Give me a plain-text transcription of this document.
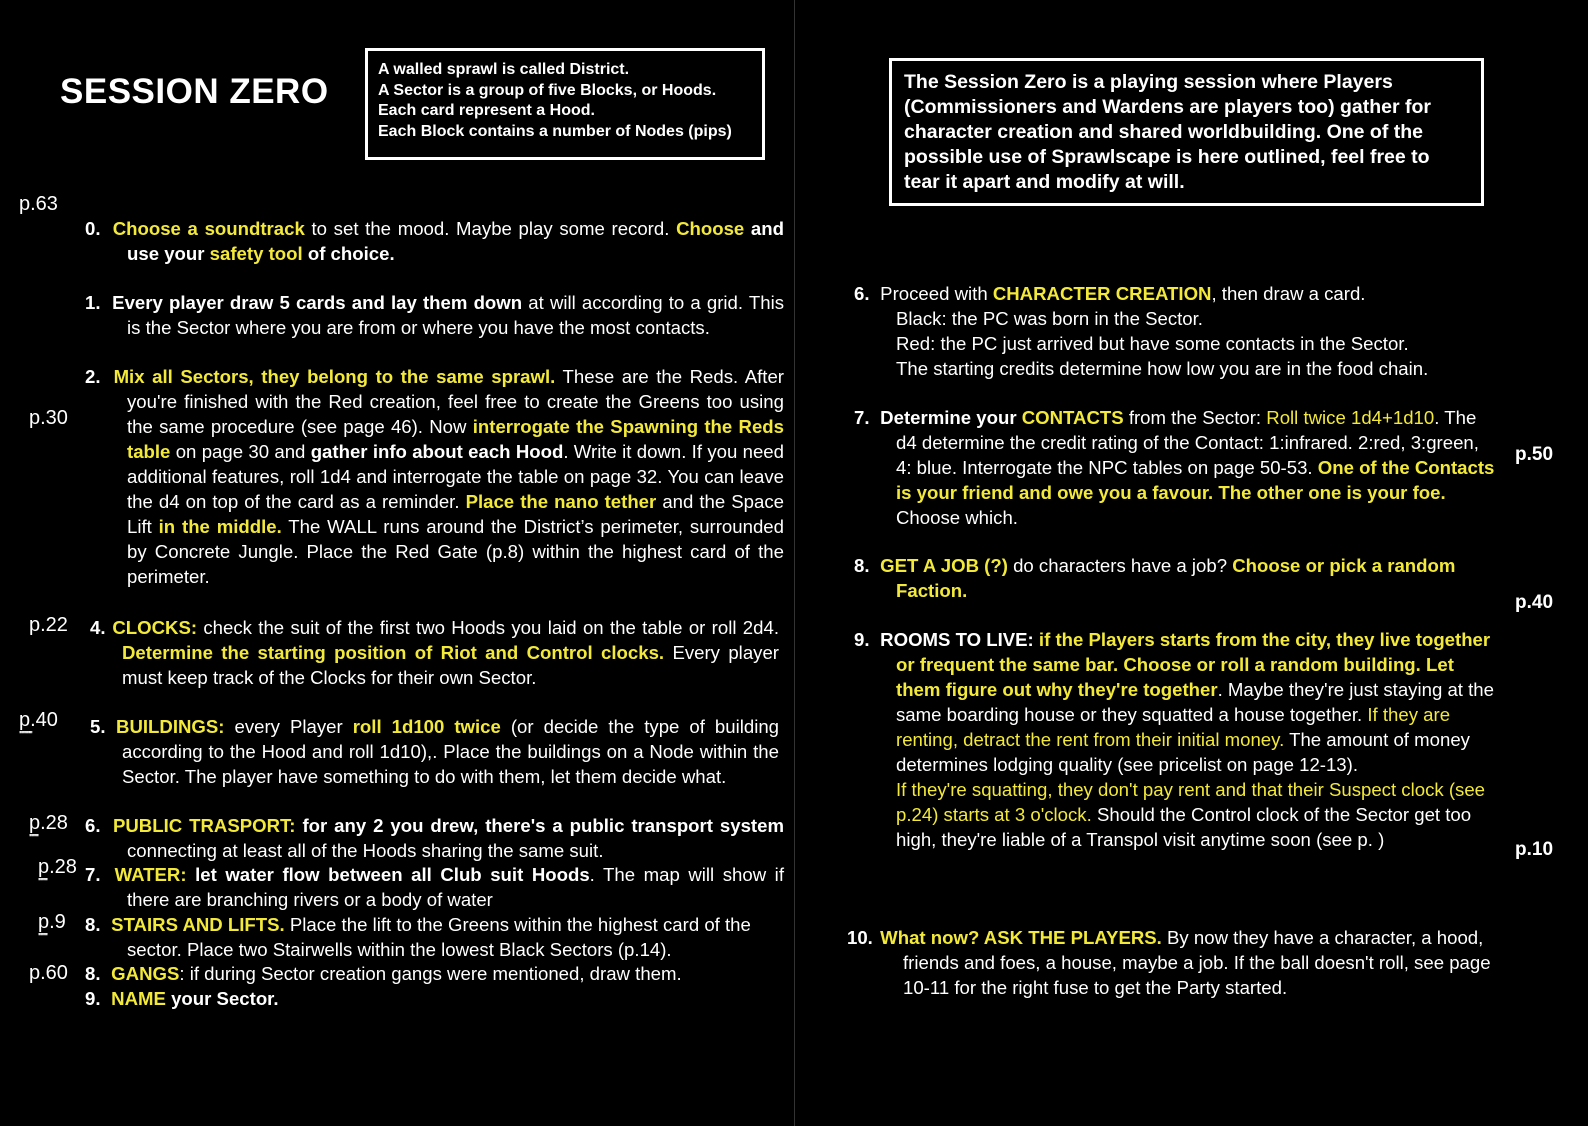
SESSION ZERO
A walled sprawl is called District.
A Sector is a group of five Blocks, or Hoods.
Each card represent a Hood.
Each Block contains a number of Nodes (pips)
p.63
p.30
p.22
p.40
''''''''''''''
p.28
''''''''''
p.28
''''''''''
p.9
''''''''''
p.60
0. Choose a soundtrack to set the mood. Maybe play some record. Choose and use your safety tool of choice.
1. Every player draw 5 cards and lay them down at will according to a grid. This is the Sector where you are from or where you have the most contacts.
2. Mix all Sectors, they belong to the same sprawl. These are the Reds. After you're finished with the Red creation, feel free to create the Greens too using the same procedure (see page 46). Now interrogate the Spawning the Reds table on page 30 and gather info about each Hood. Write it down. If you need additional features, roll 1d4 and interrogate the table on page 32. You can leave the d4 on top of the card as a reminder. Place the nano tether and the Space Lift in the middle. The WALL runs around the District’s perimeter, surrounded by Concrete Jungle. Place the Red Gate (p.8) within the highest card of the perimeter.
4. CLOCKS: check the suit of the first two Hoods you laid on the table or roll 2d4. Determine the starting position of Riot and Control clocks. Every player must keep track of the Clocks for their own Sector.
5. BUILDINGS: every Player roll 1d100 twice (or decide the type of building according to the Hood and roll 1d10),. Place the buildings on a Node within the Sector. The player have something to do with them, let them decide what.
6. PUBLIC TRASPORT: for any 2 you drew, there's a public transport system connecting at least all of the Hoods sharing the same suit.
7. WATER: let water flow between all Club suit Hoods. The map will show if there are branching rivers or a body of water
8. STAIRS AND LIFTS. Place the lift to the Greens within the highest card of the sector. Place two Stairwells within the lowest Black Sectors (p.14).
8. GANGS: if during Sector creation gangs were mentioned, draw them.
9. NAME your Sector.
The Session Zero is a playing session where Players (Commissioners and Wardens are players too) gather for character creation and shared worldbuilding. One of the possible use of Sprawlscape is here outlined, feel free to tear it apart and modify at will.
p.50
p.40
p.10
6. Proceed with CHARACTER CREATION, then draw a card.
Black: the PC was born in the Sector.
Red: the PC just arrived but have some contacts in the Sector.
The starting credits determine how low you are in the food chain.
7. Determine your CONTACTS from the Sector: Roll twice 1d4+1d10. The d4 determine the credit rating of the Contact: 1:infrared. 2:red, 3:green, 4: blue. Interrogate the NPC tables on page 50-53. One of the Contacts is your friend and owe you a favour. The other one is your foe. Choose which.
8. GET A JOB (?) do characters have a job? Choose or pick a random Faction.
9. ROOMS TO LIVE: if the Players starts from the city, they live together or frequent the same bar. Choose or roll a random building. Let them figure out why they're together. Maybe they're just staying at the same boarding house or they squatted a house together. If they are renting, detract the rent from their initial money. The amount of money determines lodging quality (see pricelist on page 12-13).
If they're squatting, they don't pay rent and that their Suspect clock (see p.24) starts at 3 o'clock. Should the Control clock of the Sector get too high, they're liable of a Transpol visit anytime soon (see p. )
10. What now? ASK THE PLAYERS. By now they have a character, a hood, friends and foes, a house, maybe a job. If the ball doesn't roll, see page 10-11 for the right fuse to get the Party started.
